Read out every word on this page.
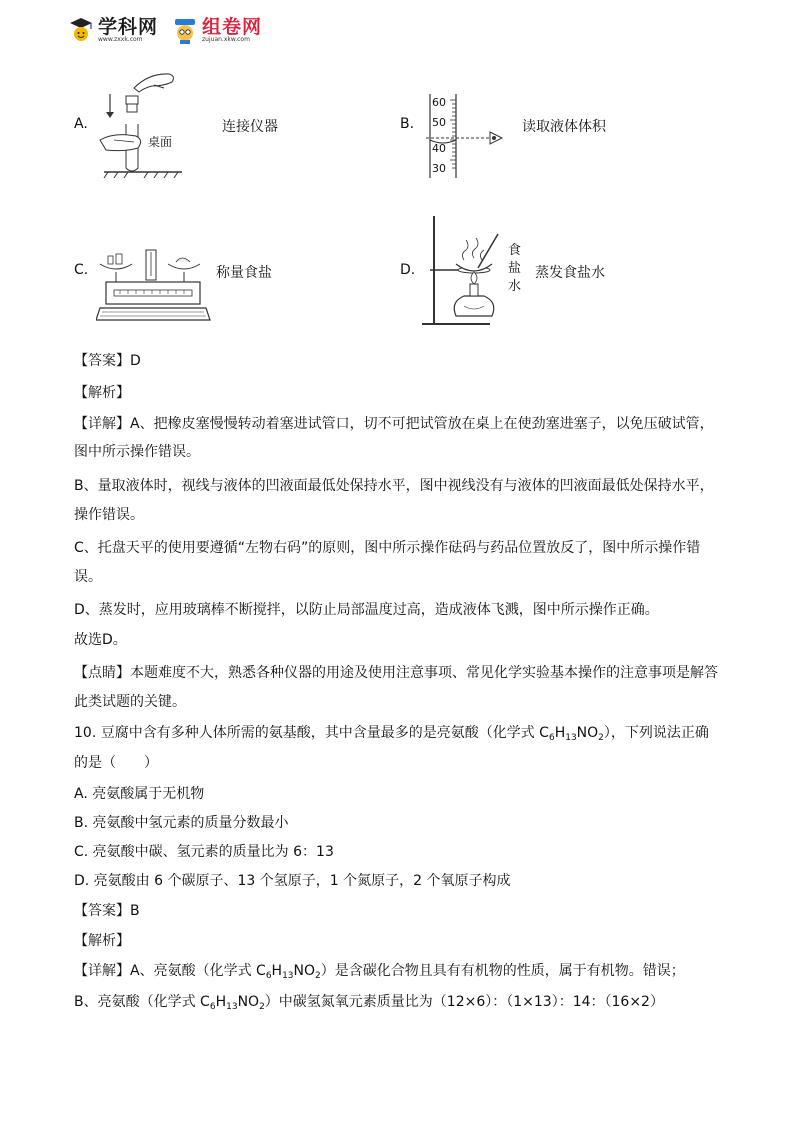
学科网
www.zxxk.com
组卷网
zujuan.xkw.com
A.
桌面
连接仪器	B.
60
50
40
30
读取液体体积
C.	称量食盐	D.
食
盐
水
蒸发食盐水
【答案】D
【解析】
【详解】A、把橡皮塞慢慢转动着塞进试管口，切不可把试管放在桌上在使劲塞进塞子，以免压破试管，
图中所示操作错误。
B、量取液体时，视线与液体的凹液面最低处保持水平，图中视线没有与液体的凹液面最低处保持水平，
操作错误。
C、托盘天平的使用要遵循“左物右码”的原则，图中所示操作砝码与药品位置放反了，图中所示操作错
误。
D、蒸发时，应用玻璃棒不断搅拌，以防止局部温度过高，造成液体飞溅，图中所示操作正确。
故选D。
【点睛】本题难度不大，熟悉各种仪器的用途及使用注意事项、常见化学实验基本操作的注意事项是解答
此类试题的关键。
10. 豆腐中含有多种人体所需的氨基酸，其中含量最多的是亮氨酸（化学式 $C_6H_{13}NO_2$），下列说法正确
的是（　　）
A. 亮氨酸属于无机物
B. 亮氨酸中氢元素的质量分数最小
C. 亮氨酸中碳、氢元素的质量比为 6：13
D. 亮氨酸由 6 个碳原子、13 个氢原子，1 个氮原子，2 个氧原子构成
【答案】B
【解析】
【详解】A、亮氨酸（化学式 $C_6H_{13}NO_2$）是含碳化合物且具有有机物的性质，属于有机物。错误；
B、亮氨酸（化学式 $C_6H_{13}NO_2$）中碳氢氮氧元素质量比为（12×6）：（1×13）：14：（16×2）
